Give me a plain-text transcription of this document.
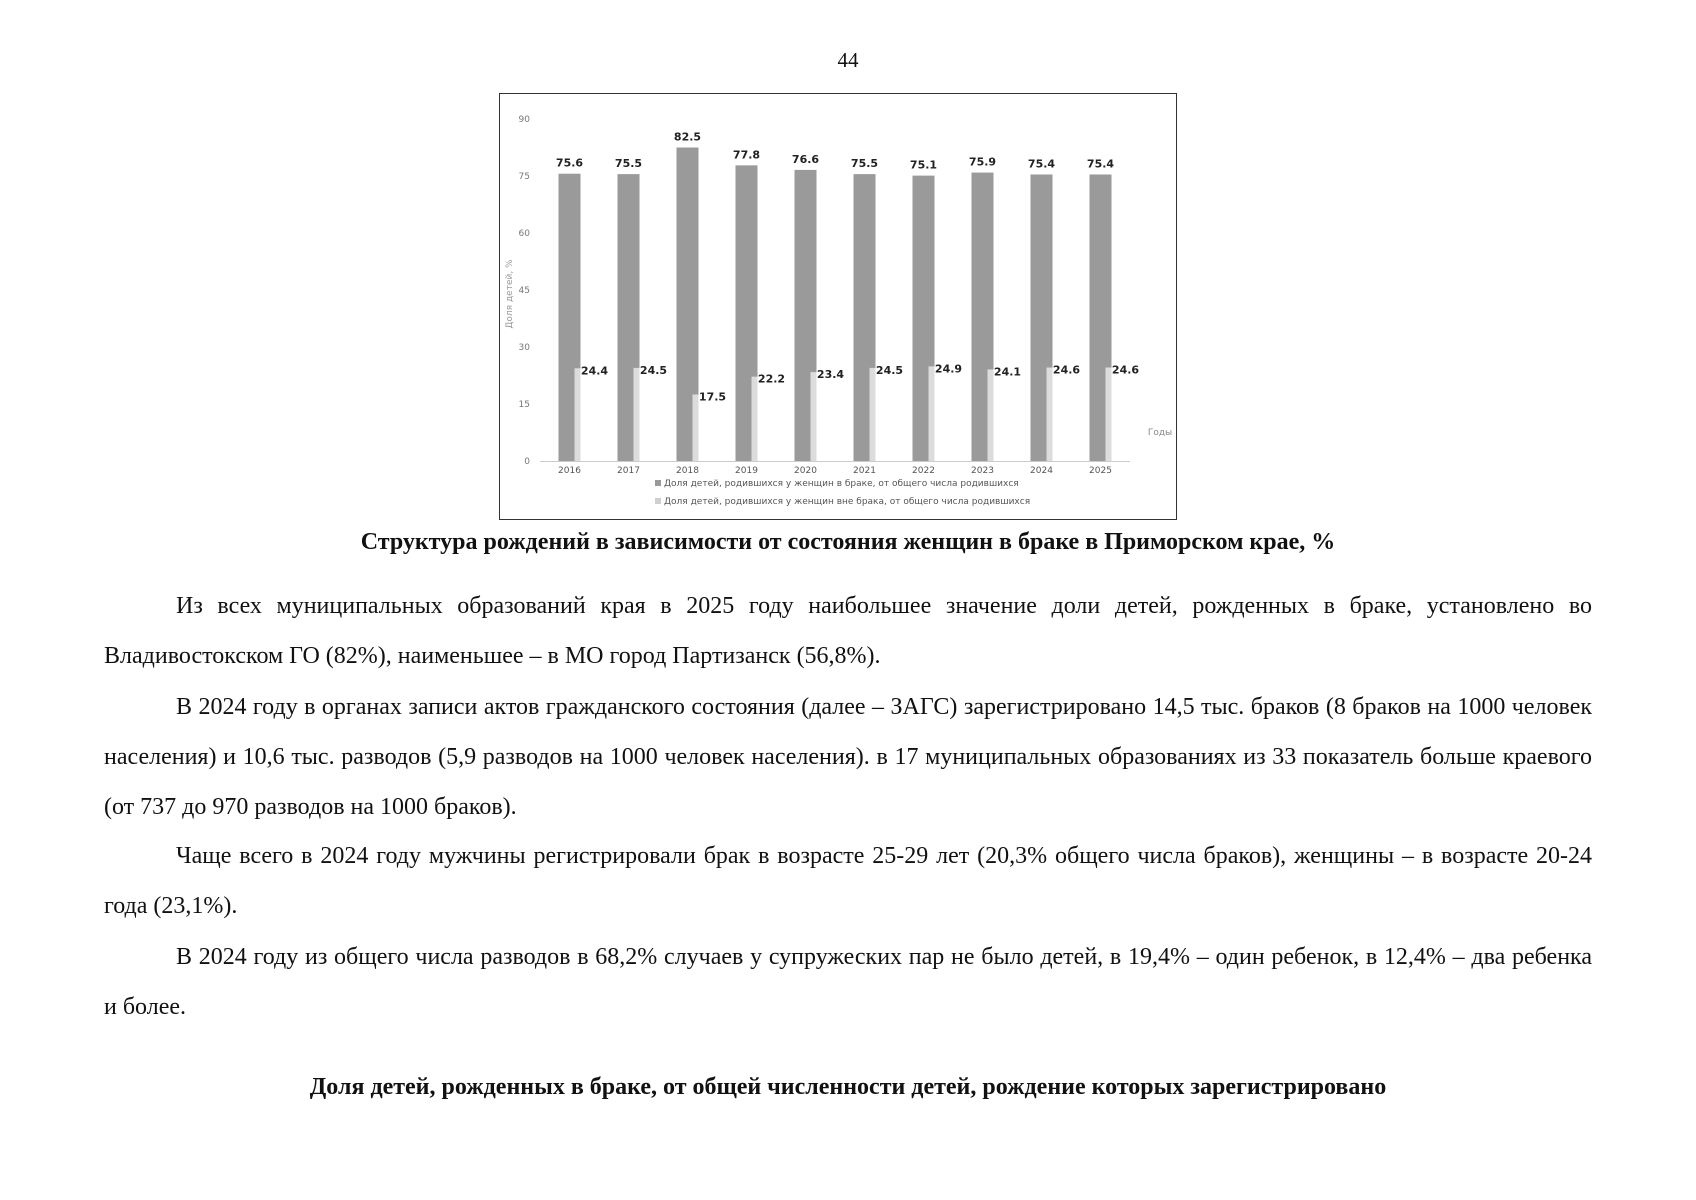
44
0
15
30
45
60
75
90
Доля детей, %
Годы
75.6
24.4
2016
75.5
24.5
2017
82.5
17.5
2018
77.8
22.2
2019
76.6
23.4
2020
75.5
24.5
2021
75.1
24.9
2022
75.9
24.1
2023
75.4
24.6
2024
75.4
24.6
2025
Доля детей, родившихся у женщин в браке, от общего числа родившихся
Доля детей, родившихся у женщин вне брака, от общего числа родившихся
Структура рождений в зависимости от состояния женщин в браке в Приморском крае, %

Из всех муниципальных образований края в 2025 году наибольшее значение доли детей, рожденных в браке, установлено во Владивостокском ГО (82%), наименьшее – в МО город Партизанск (56,8%).

В 2024 году в органах записи актов гражданского состояния (далее – ЗАГС) зарегистрировано 14,5 тыс. браков (8 браков на 1000 человек населения) и 10,6 тыс. разводов (5,9 разводов на 1000 человек населения). в 17 муниципальных образованиях из 33 показатель больше краевого (от 737 до 970 разводов на 1000 браков).

Чаще всего в 2024 году мужчины регистрировали брак в возрасте 25-29 лет (20,3% общего числа браков), женщины – в возрасте 20-24 года (23,1%).

В 2024 году из общего числа разводов в 68,2% случаев у супружеских пар не было детей, в 19,4% – один ребенок, в 12,4% – два ребенка и более.

Доля детей, рожденных в браке, от общей численности детей, рождение которых зарегистрировано
